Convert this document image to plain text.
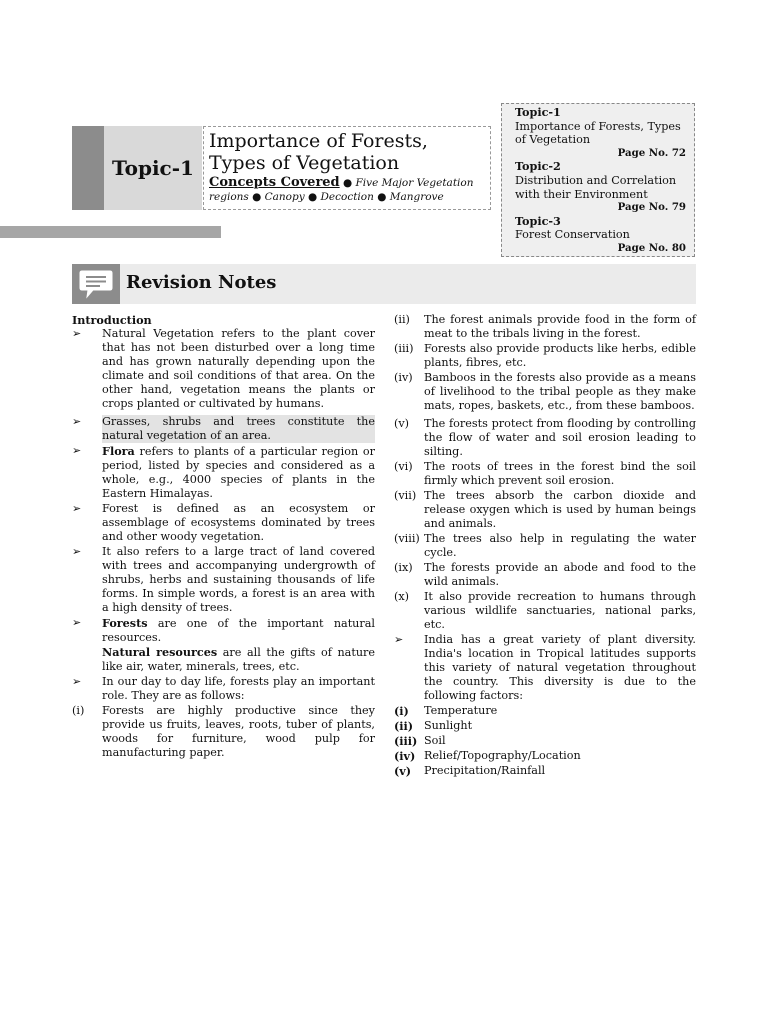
Topic-1
Importance of Forests, Types of Vegetation
Page No. 72
Topic-2
Distribution and Correlation with their Environment
Page No. 79
Topic-3
Forest Conservation
Page No. 80
Topic-1

Importance of Forests, Types of Vegetation

Concepts Covered ● Five Major Vegetation regions ● Canopy ● Decoction ● Mangrove
Revision Notes

Introduction

➢	Natural Vegetation refers to the plant cover that has not been disturbed over a long time and has grown naturally depending upon the climate and soil conditions of that area. On the other hand, vegetation means the plants or crops planted or cultivated by humans.
➢	Grasses, shrubs and trees constitute the natural vegetation of an area.
➢	Flora refers to plants of a particular region or period, listed by species and considered as a whole, e.g., 4000 species of plants in the Eastern Himalayas.
➢	Forest is defined as an ecosystem or assemblage of ecosystems dominated by trees and other woody vegetation.
➢	It also refers to a large tract of land covered with trees and accompanying undergrowth of shrubs, herbs and sustaining thousands of life forms. In simple words, a forest is an area with a high density of trees.
➢	Forests are one of the important natural resources.
Natural resources are all the gifts of nature like air, water, minerals, trees, etc.
➢	In our day to day life, forests play an important role. They are as follows:
(i)	Forests are highly productive since they provide us fruits, leaves, roots, tuber of plants, woods for furniture, wood pulp for manufacturing paper.
(ii)	The forest animals provide food in the form of meat to the tribals living in the forest.
(iii) Forests also provide products like herbs, edible plants, fibres, etc.
(iv)	Bamboos in the forests also provide as a means of livelihood to the tribal people as they make mats, ropes, baskets, etc., from these bamboos.
(v)	The forests protect from flooding by controlling the flow of water and soil erosion leading to silting.
(vi)	The roots of trees in the forest bind the soil firmly which prevent soil erosion.
(vii) The trees absorb the carbon dioxide and release oxygen which is used by human beings and animals.
(viii) The trees also help in regulating the water cycle.
(ix)	The forests provide an abode and food to the wild animals.
(x)	It also provide recreation to humans through various wildlife sanctuaries, national parks, etc.
➢	India has a great variety of plant diversity. India's location in Tropical latitudes supports this variety of natural vegetation throughout the country. This diversity is due to the following factors:
(i)	Temperature
(ii) Sunlight
(iii) Soil
(iv) Relief/Topography/Location
(v)	Precipitation/Rainfall
